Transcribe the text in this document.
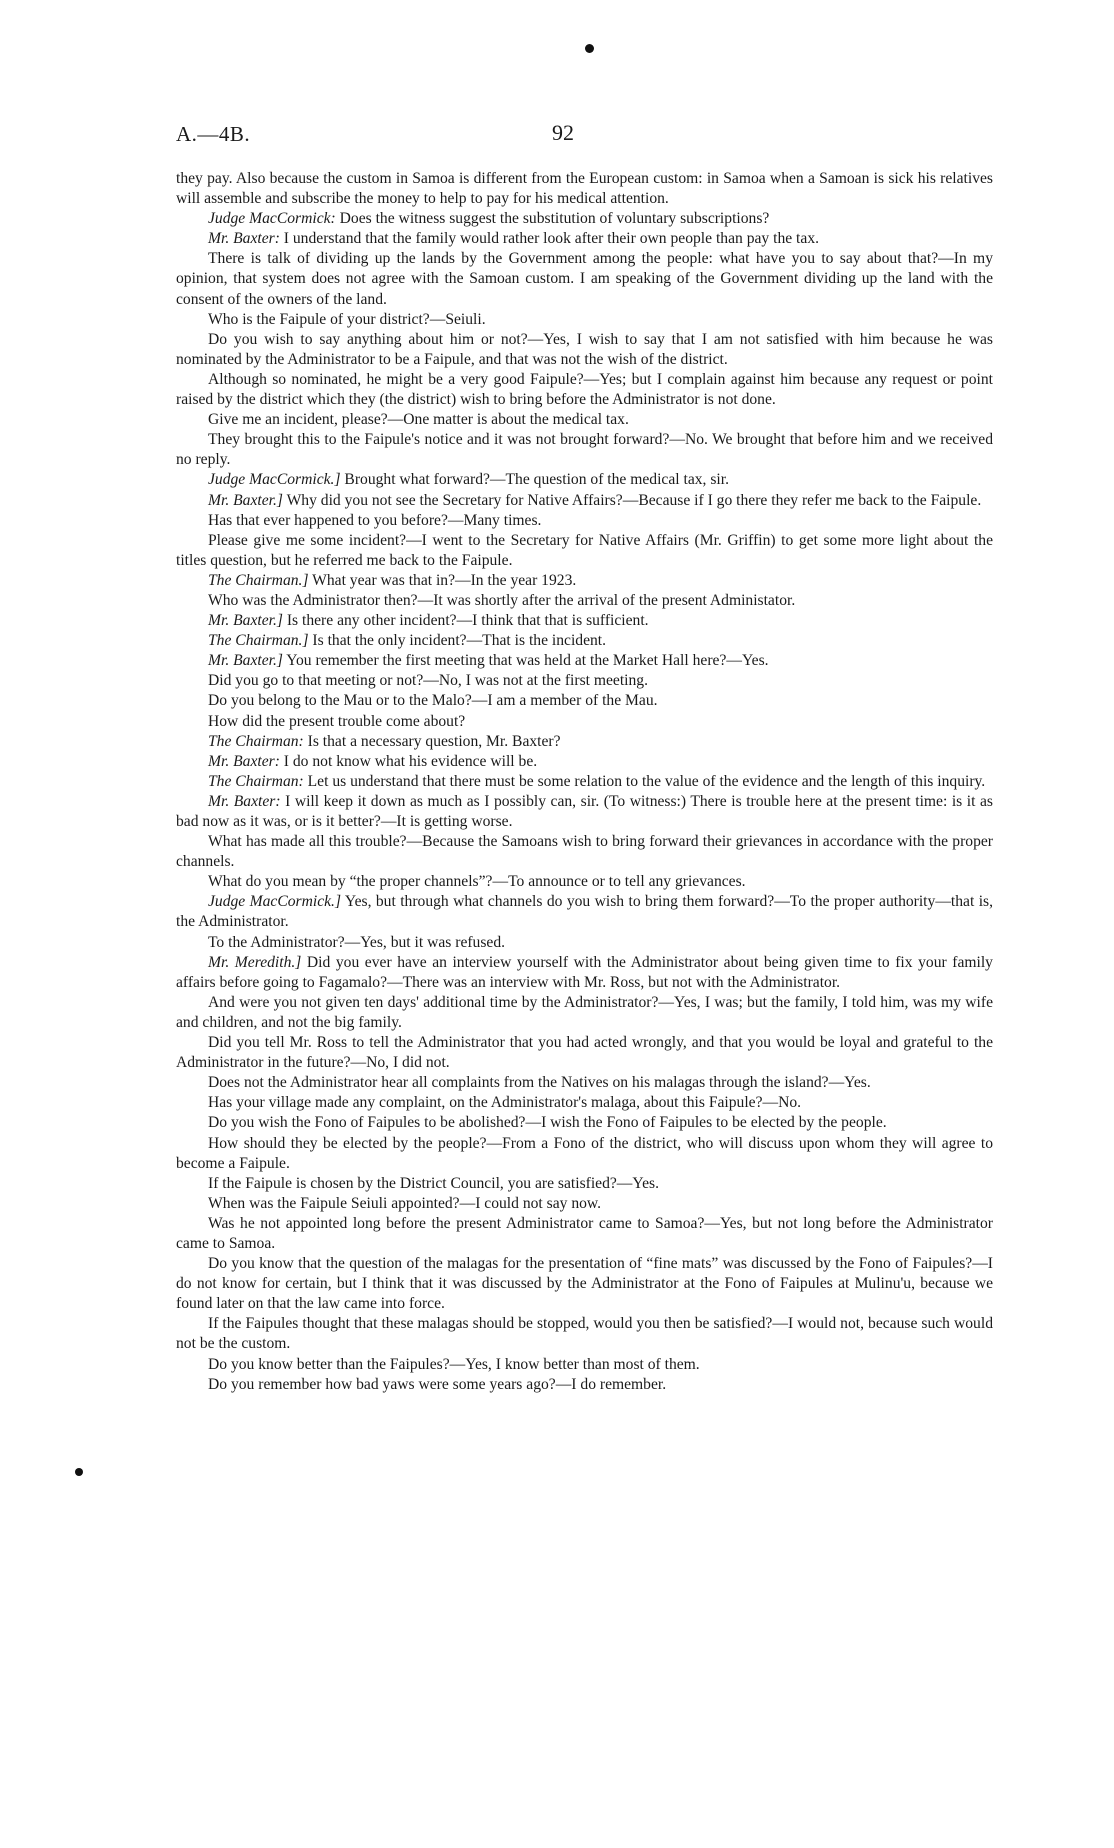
A.—4B.	92

they pay. Also because the custom in Samoa is different from the European custom: in Samoa when a Samoan is sick his relatives will assemble and subscribe the money to help to pay for his medical attention.

Judge MacCormick: Does the witness suggest the substitution of voluntary subscriptions?

Mr. Baxter: I understand that the family would rather look after their own people than pay the tax.

There is talk of dividing up the lands by the Government among the people: what have you to say about that?—In my opinion, that system does not agree with the Samoan custom. I am speaking of the Government dividing up the land with the consent of the owners of the land.

Who is the Faipule of your district?—Seiuli.

Do you wish to say anything about him or not?—Yes, I wish to say that I am not satisfied with him because he was nominated by the Administrator to be a Faipule, and that was not the wish of the district.

Although so nominated, he might be a very good Faipule?—Yes; but I complain against him because any request or point raised by the district which they (the district) wish to bring before the Administrator is not done.

Give me an incident, please?—One matter is about the medical tax.

They brought this to the Faipule's notice and it was not brought forward?—No. We brought that before him and we received no reply.

Judge MacCormick.] Brought what forward?—The question of the medical tax, sir.

Mr. Baxter.] Why did you not see the Secretary for Native Affairs?—Because if I go there they refer me back to the Faipule.

Has that ever happened to you before?—Many times.

Please give me some incident?—I went to the Secretary for Native Affairs (Mr. Griffin) to get some more light about the titles question, but he referred me back to the Faipule.

The Chairman.] What year was that in?—In the year 1923.

Who was the Administrator then?—It was shortly after the arrival of the present Administator.

Mr. Baxter.] Is there any other incident?—I think that that is sufficient.

The Chairman.] Is that the only incident?—That is the incident.

Mr. Baxter.] You remember the first meeting that was held at the Market Hall here?—Yes.

Did you go to that meeting or not?—No, I was not at the first meeting.

Do you belong to the Mau or to the Malo?—I am a member of the Mau.

How did the present trouble come about?

The Chairman: Is that a necessary question, Mr. Baxter?

Mr. Baxter: I do not know what his evidence will be.

The Chairman: Let us understand that there must be some relation to the value of the evidence and the length of this inquiry.

Mr. Baxter: I will keep it down as much as I possibly can, sir. (To witness:) There is trouble here at the present time: is it as bad now as it was, or is it better?—It is getting worse.

What has made all this trouble?—Because the Samoans wish to bring forward their grievances in accordance with the proper channels.

What do you mean by “the proper channels”?—To announce or to tell any grievances.

Judge MacCormick.] Yes, but through what channels do you wish to bring them forward?—To the proper authority—that is, the Administrator.

To the Administrator?—Yes, but it was refused.

Mr. Meredith.] Did you ever have an interview yourself with the Administrator about being given time to fix your family affairs before going to Fagamalo?—There was an interview with Mr. Ross, but not with the Administrator.

And were you not given ten days' additional time by the Administrator?—Yes, I was; but the family, I told him, was my wife and children, and not the big family.

Did you tell Mr. Ross to tell the Administrator that you had acted wrongly, and that you would be loyal and grateful to the Administrator in the future?—No, I did not.

Does not the Administrator hear all complaints from the Natives on his malagas through the island?—Yes.

Has your village made any complaint, on the Administrator's malaga, about this Faipule?—No.

Do you wish the Fono of Faipules to be abolished?—I wish the Fono of Faipules to be elected by the people.

How should they be elected by the people?—From a Fono of the district, who will discuss upon whom they will agree to become a Faipule.

If the Faipule is chosen by the District Council, you are satisfied?—Yes.

When was the Faipule Seiuli appointed?—I could not say now.

Was he not appointed long before the present Administrator came to Samoa?—Yes, but not long before the Administrator came to Samoa.

Do you know that the question of the malagas for the presentation of “fine mats” was discussed by the Fono of Faipules?—I do not know for certain, but I think that it was discussed by the Administrator at the Fono of Faipules at Mulinu'u, because we found later on that the law came into force.

If the Faipules thought that these malagas should be stopped, would you then be satisfied?—I would not, because such would not be the custom.

Do you know better than the Faipules?—Yes, I know better than most of them.

Do you remember how bad yaws were some years ago?—I do remember.
